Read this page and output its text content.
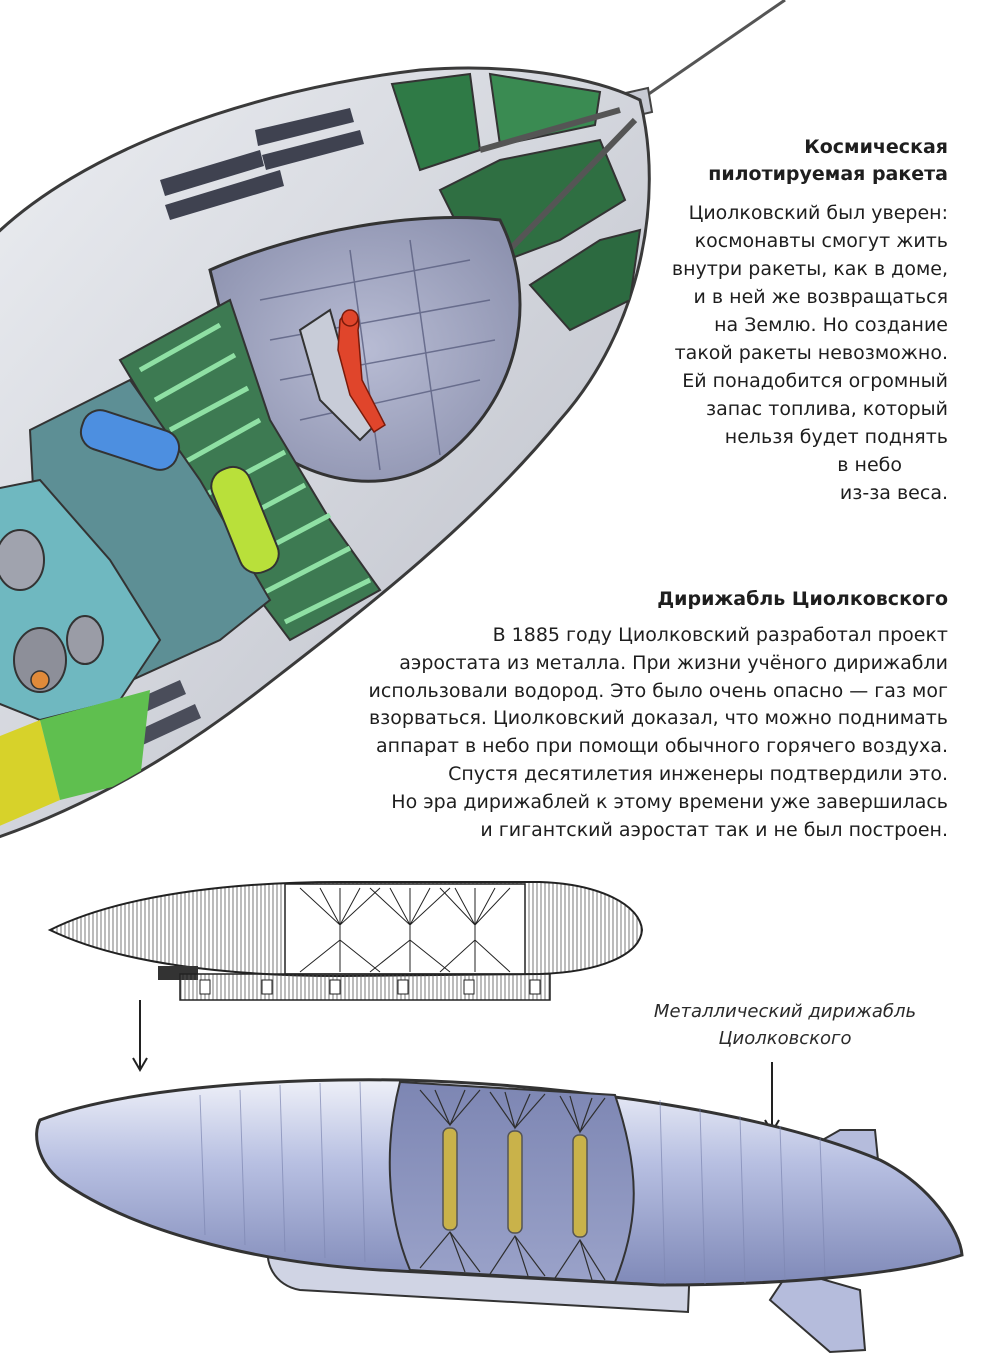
Космическая
пилотируемая ракета
Циолковский был уверен:
космонавты смогут жить
внутри ракеты, как в доме,
и в ней же возвращаться
на Землю. Но создание
такой ракеты невозможно.
Ей понадобится огромный
запас топлива, который
нельзя будет поднять
в небо
из-за веса.
Дирижабль Циолковского
В 1885 году Циолковский разработал проект
аэростата из металла. При жизни учёного дирижабли
использовали водород. Это было очень опасно — газ мог
взорваться. Циолковский доказал, что можно поднимать
аппарат в небо при помощи обычного горячего воздуха.
Спустя десятилетия инженеры подтвердили это.
Но эра дирижаблей к этому времени уже завершилась
и гигантский аэростат так и не был построен.
Металлический дирижабль
Циолковского
